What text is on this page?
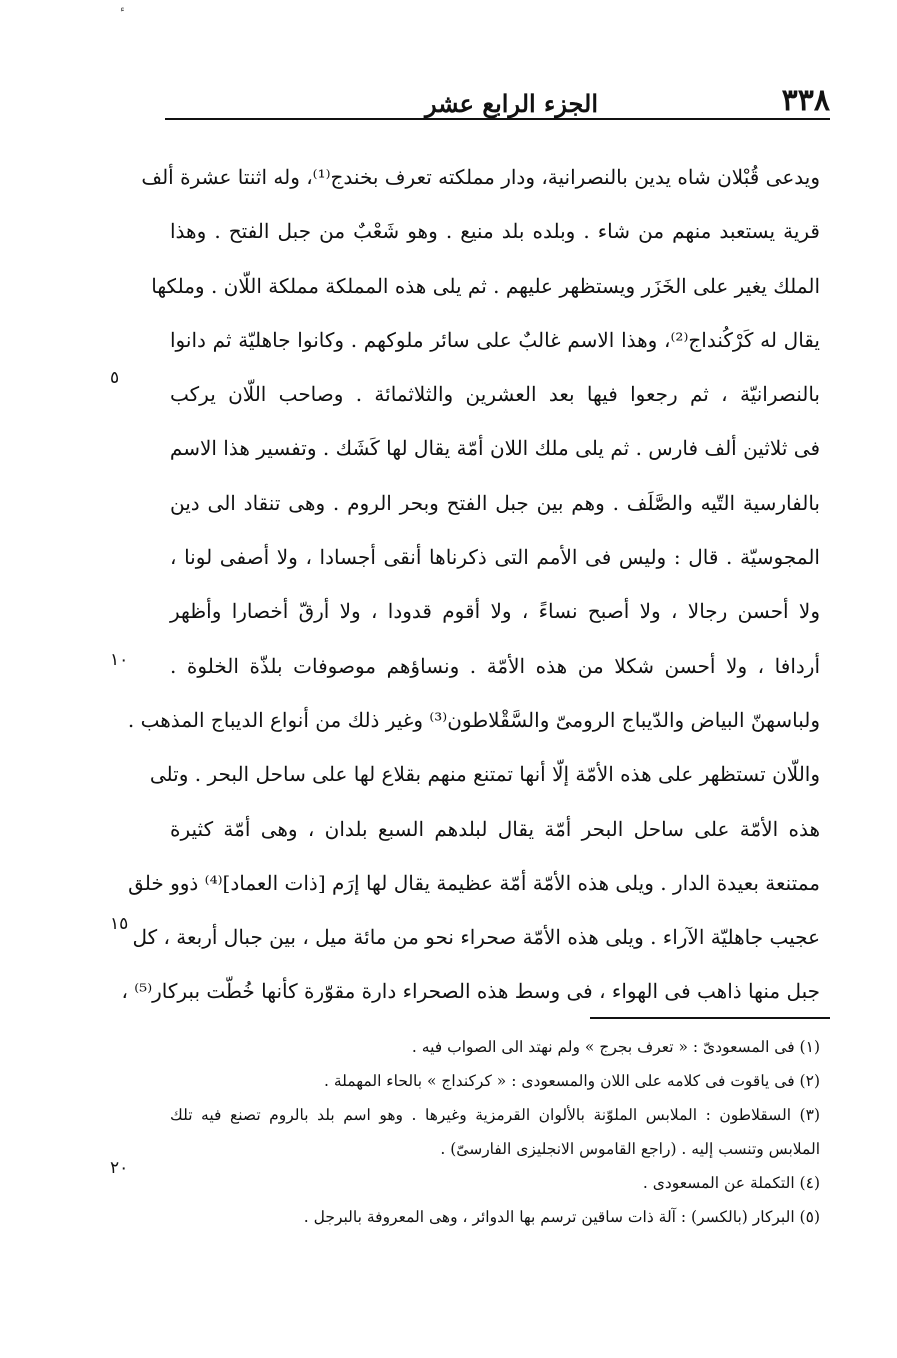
٣٣٨
الجزء الرابع عشر
ويدعى قُبْلان شاه يدين بالنصرانية، ودار مملكته تعرف بخندج⁽¹⁾، وله اثنتا عشرة ألف
قرية يستعبد منهم من شاء . وبلده بلد منيع . وهو شَعْبٌ من جبل الفتح . وهذا
الملك يغير على الخَزَر ويستظهر عليهم . ثم يلى هذه المملكة مملكة اللّان . وملكها
يقال له كَرْكُنداج⁽²⁾، وهذا الاسم غالبٌ على سائر ملوكهم . وكانوا جاهليّة ثم دانوا
بالنصرانيّة ، ثم رجعوا فيها بعد العشرين والثلاثمائة . وصاحب اللّان يركب
فى ثلاثين ألف فارس . ثم يلى ملك اللان أمّة يقال لها كَشَك . وتفسير هذا الاسم
بالفارسية التّيه والصَّلَف . وهم بين جبل الفتح وبحر الروم . وهى تنقاد الى دين
المجوسيّة . قال : وليس فى الأمم التى ذكرناها أنقى أجسادا ، ولا أصفى لونا ،
ولا أحسن رجالا ، ولا أصبح نساءً ، ولا أقوم قدودا ، ولا أرقّ أخصارا وأظهر
أردافا ، ولا أحسن شكلا من هذه الأمّة . ونساؤهم موصوفات بلذّة الخلوة .
ولباسهنّ البياض والدّيباج الرومىّ والسَّقْلاطون⁽³⁾ وغير ذلك من أنواع الديباج المذهب .
واللّان تستظهر على هذه الأمّة إلّا أنها تمتنع منهم بقلاع لها على ساحل البحر . وتلى
هذه الأمّة على ساحل البحر أمّة يقال لبلدهم السبع بلدان ، وهى أمّة كثيرة
ممتنعة بعيدة الدار . ويلى هذه الأمّة أمّة عظيمة يقال لها إرَم [ذات العماد]⁽⁴⁾ ذوو خلق
عجيب جاهليّة الآراء . ويلى هذه الأمّة صحراء نحو من مائة ميل ، بين جبال أربعة ، كل
جبل منها ذاهب فى الهواء ، فى وسط هذه الصحراء دارة مقوّرة كأنها خُطّت ببركار⁽⁵⁾ ،
٥
١٠
١٥
٢٠
(١) فى المسعودىّ : « تعرف بجرج » ولم نهتد الى الصواب فيه .
(٢) فى ياقوت فى كلامه على اللان والمسعودى : « كركنداج » بالحاء المهملة .
(٣) السقلاطون : الملابس الملوّنة بالألوان القرمزية وغيرها . وهو اسم بلد بالروم تصنع فيه تلك
الملابس وتنسب إليه . (راجع القاموس الانجليزى الفارسىّ) .
(٤) التكملة عن المسعودى .
(٥) البركار (بالكسر) : آلة ذات ساقين ترسم بها الدوائر ، وهى المعروفة بالبرجل .
